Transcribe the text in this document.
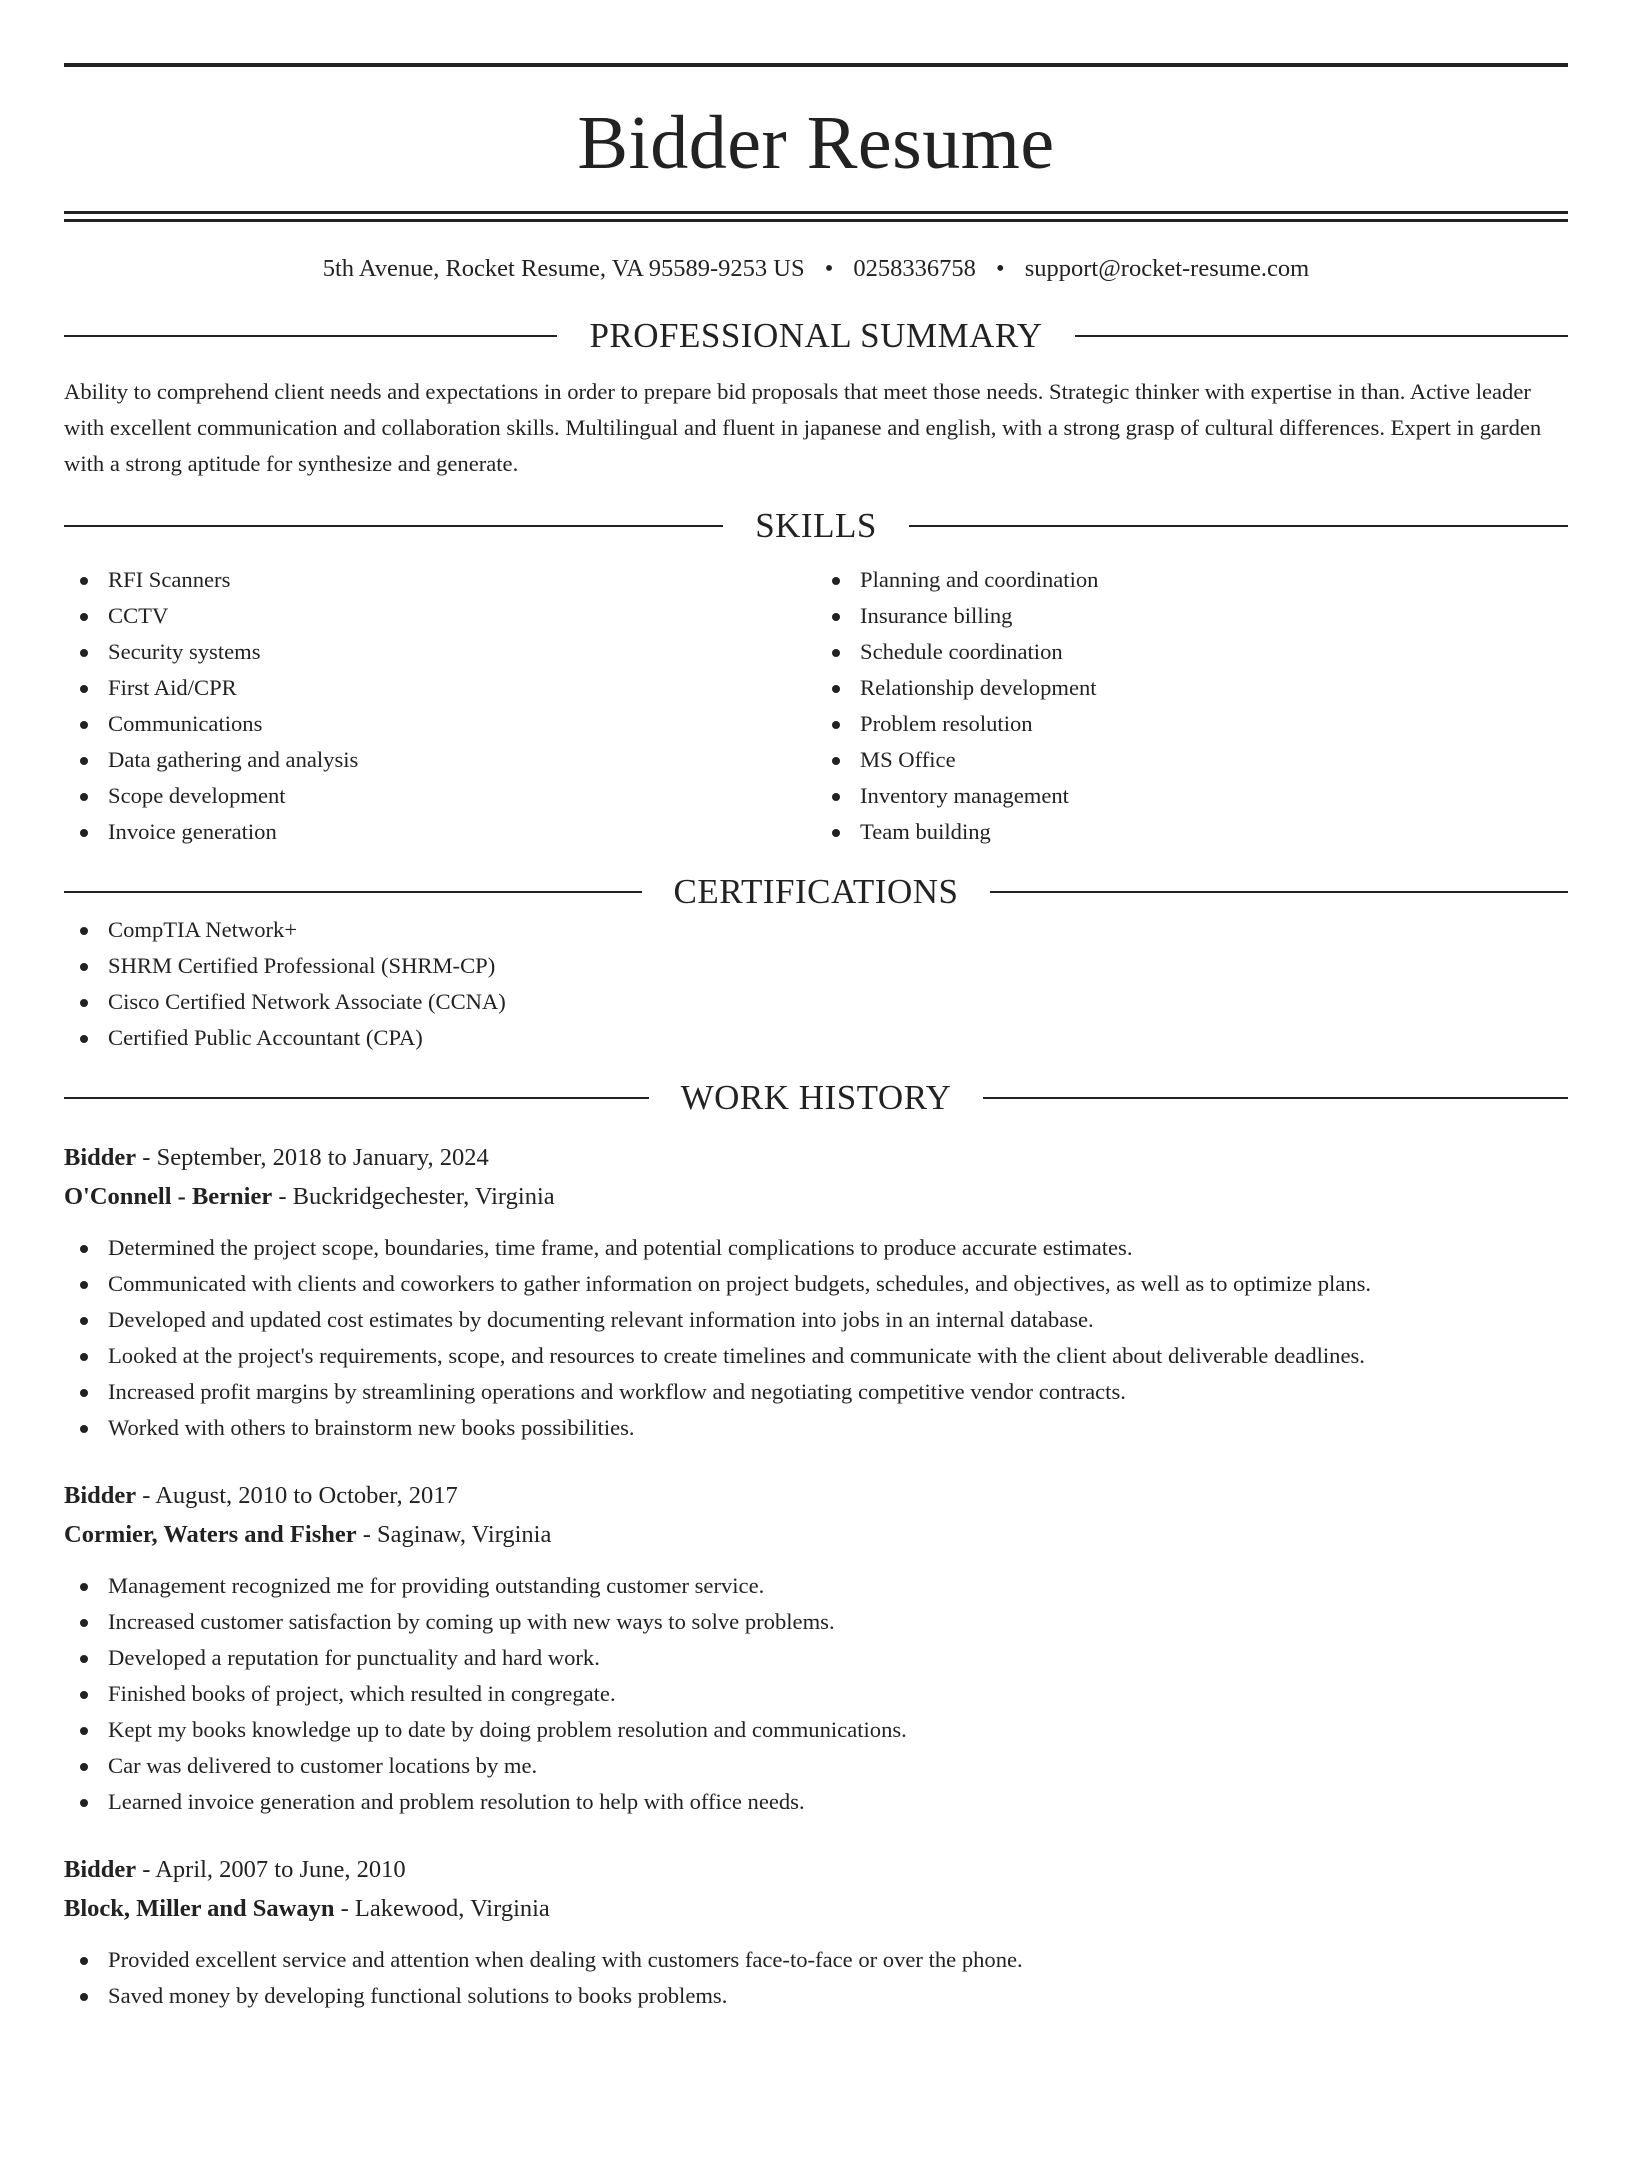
Bidder Resume
5th Avenue, Rocket Resume, VA 95589-9253 US • 0258336758 • support@rocket-resume.com
PROFESSIONAL SUMMARY
Ability to comprehend client needs and expectations in order to prepare bid proposals that meet those needs. Strategic thinker with expertise in than. Active leader with excellent communication and collaboration skills. Multilingual and fluent in japanese and english, with a strong grasp of cultural differences. Expert in garden with a strong aptitude for synthesize and generate.
SKILLS
RFI Scanners
CCTV
Security systems
First Aid/CPR
Communications
Data gathering and analysis
Scope development
Invoice generation
Planning and coordination
Insurance billing
Schedule coordination
Relationship development
Problem resolution
MS Office
Inventory management
Team building
CERTIFICATIONS
CompTIA Network+
SHRM Certified Professional (SHRM-CP)
Cisco Certified Network Associate (CCNA)
Certified Public Accountant (CPA)
WORK HISTORY
Bidder - September, 2018 to January, 2024
O'Connell - Bernier - Buckridgechester, Virginia
Determined the project scope, boundaries, time frame, and potential complications to produce accurate estimates.
Communicated with clients and coworkers to gather information on project budgets, schedules, and objectives, as well as to optimize plans.
Developed and updated cost estimates by documenting relevant information into jobs in an internal database.
Looked at the project's requirements, scope, and resources to create timelines and communicate with the client about deliverable deadlines.
Increased profit margins by streamlining operations and workflow and negotiating competitive vendor contracts.
Worked with others to brainstorm new books possibilities.
Bidder - August, 2010 to October, 2017
Cormier, Waters and Fisher - Saginaw, Virginia
Management recognized me for providing outstanding customer service.
Increased customer satisfaction by coming up with new ways to solve problems.
Developed a reputation for punctuality and hard work.
Finished books of project, which resulted in congregate.
Kept my books knowledge up to date by doing problem resolution and communications.
Car was delivered to customer locations by me.
Learned invoice generation and problem resolution to help with office needs.
Bidder - April, 2007 to June, 2010
Block, Miller and Sawayn - Lakewood, Virginia
Provided excellent service and attention when dealing with customers face-to-face or over the phone.
Saved money by developing functional solutions to books problems.
